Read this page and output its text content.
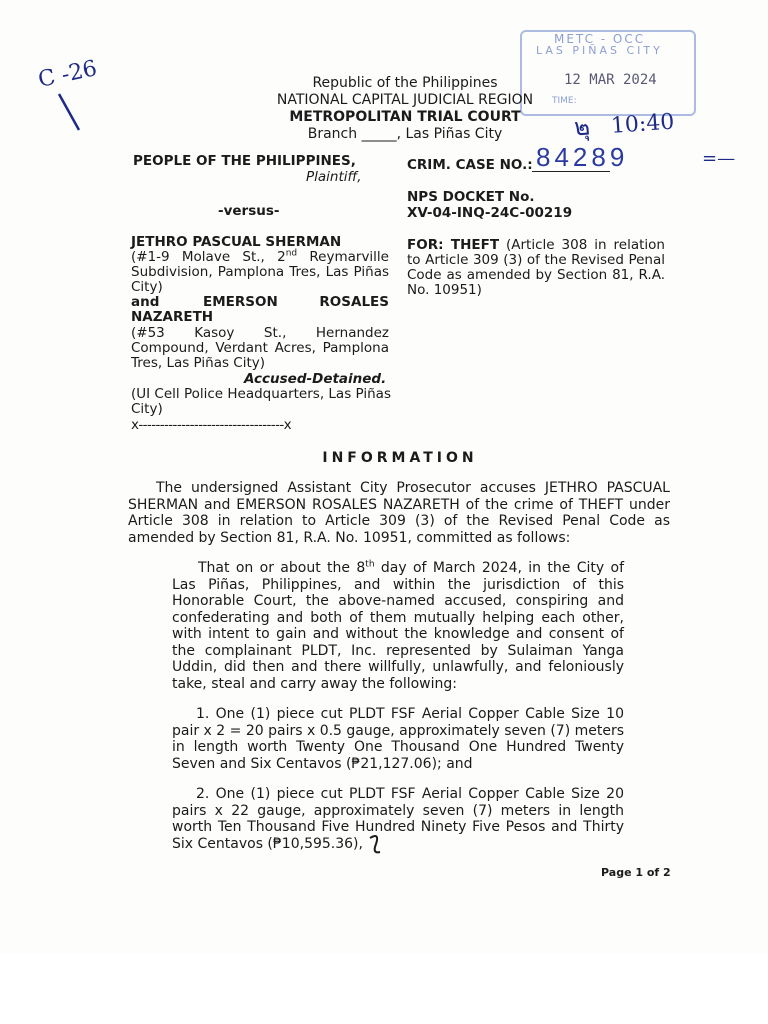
C -26
METC - OCC
LAS PIÑAS CITY
12 MAR 2024
TIME:
๒ุ 10:40
Republic of the Philippines
NATIONAL CAPITAL JUDICIAL REGION
METROPOLITAN TRIAL COURT
Branch _____, Las Piñas City
PEOPLE OF THE PHILIPPINES,
Plaintiff,
-versus-
JETHRO PASCUAL SHERMAN
(#1-9 Molave St., 2nd Reymarville Subdivision, Pamplona Tres, Las Piñas City)
and	EMERSON	ROSALES
NAZARETH
(#53 Kasoy St., Hernandez Compound, Verdant Acres, Pamplona Tres, Las Piñas City)
Accused-Detained.
(UI Cell Police Headquarters, Las Piñas City)
x----------------------------------x
CRIM. CASE NO.: 84289	=—
NPS DOCKET No.
XV-04-INQ-24C-00219
FOR: THEFT (Article 308 in relation to Article 309 (3) of the Revised Penal Code as amended by Section 81, R.A. No. 10951)
INFORMATION
The undersigned Assistant City Prosecutor accuses JETHRO PASCUAL SHERMAN and EMERSON ROSALES NAZARETH of the crime of THEFT under Article 308 in relation to Article 309 (3) of the Revised Penal Code as amended by Section 81, R.A. No. 10951, committed as follows:
That on or about the 8th day of March 2024, in the City of Las Piñas, Philippines, and within the jurisdiction of this Honorable Court, the above-named accused, conspiring and confederating and both of them mutually helping each other, with intent to gain and without the knowledge and consent of the complainant PLDT, Inc. represented by Sulaiman Yanga Uddin, did then and there willfully, unlawfully, and feloniously take, steal and carry away the following:
1. One (1) piece cut PLDT FSF Aerial Copper Cable Size 10 pair x 2 = 20 pairs x 0.5 gauge, approximately seven (7) meters in length worth Twenty One Thousand One Hundred Twenty Seven and Six Centavos (₱21,127.06); and
2. One (1) piece cut PLDT FSF Aerial Copper Cable Size 20 pairs x 22 gauge, approximately seven (7) meters in length worth Ten Thousand Five Hundred Ninety Five Pesos and Thirty Six Centavos (₱10,595.36),
Page 1 of 2
